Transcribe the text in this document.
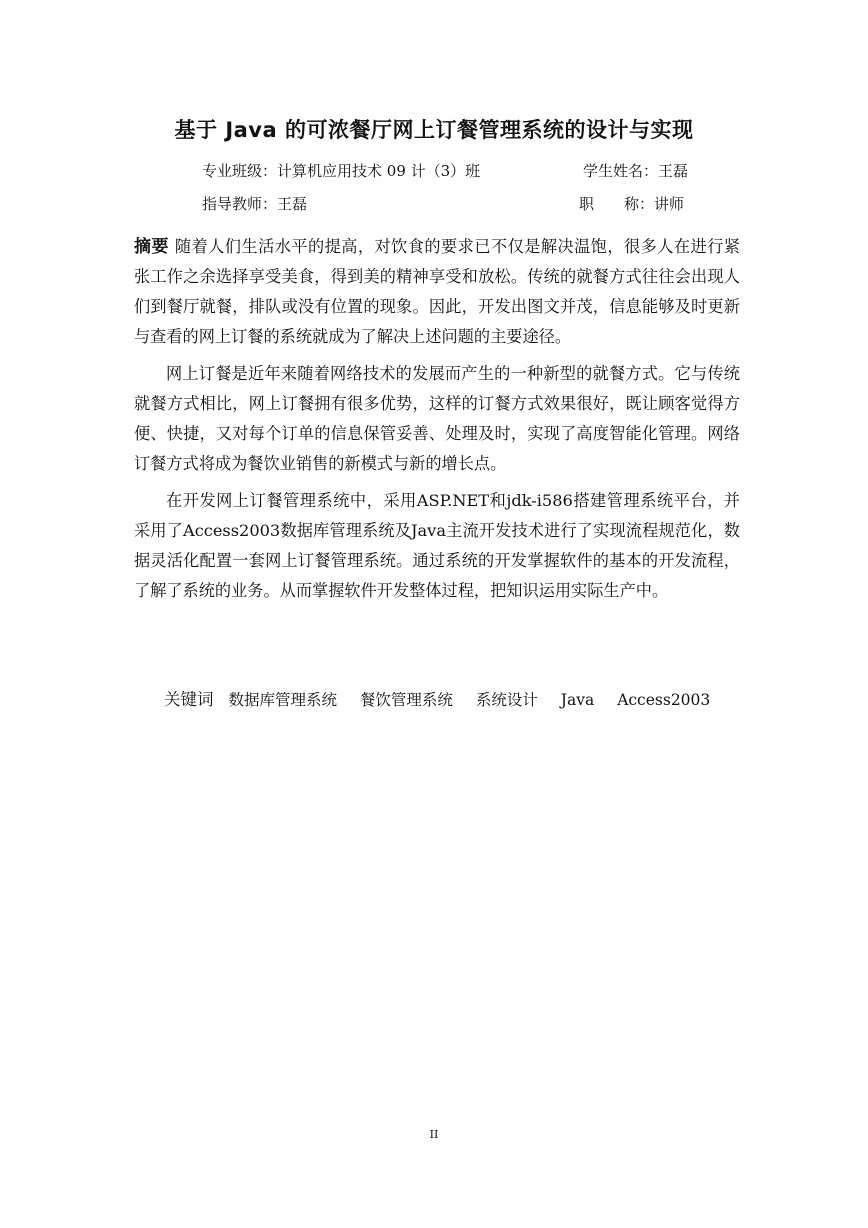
基于 Java 的可浓餐厅网上订餐管理系统的设计与实现
专业班级：计算机应用技术 09 计（3）班	学生姓名：王磊
指导教师：王磊	职　　称：讲师

摘要 随着人们生活水平的提高，对饮食的要求已不仅是解决温饱，很多人在进行紧张工作之余选择享受美食，得到美的精神享受和放松。传统的就餐方式往往会出现人们到餐厅就餐，排队或没有位置的现象。因此，开发出图文并茂，信息能够及时更新与查看的网上订餐的系统就成为了解决上述问题的主要途径。

网上订餐是近年来随着网络技术的发展而产生的一种新型的就餐方式。它与传统就餐方式相比，网上订餐拥有很多优势，这样的订餐方式效果很好，既让顾客觉得方便、快捷，又对每个订单的信息保管妥善、处理及时，实现了高度智能化管理。网络订餐方式将成为餐饮业销售的新模式与新的增长点。

在开发网上订餐管理系统中，采用ASP.NET和jdk-i586搭建管理系统平台，并采用了Access2003数据库管理系统及Java主流开发技术进行了实现流程规范化，数据灵活化配置一套网上订餐管理系统。通过系统的开发掌握软件的基本的开发流程，了解了系统的业务。从而掌握软件开发整体过程，把知识运用实际生产中。

关键词 数据库管理系统 餐饮管理系统 系统设计 Java Access2003
II
